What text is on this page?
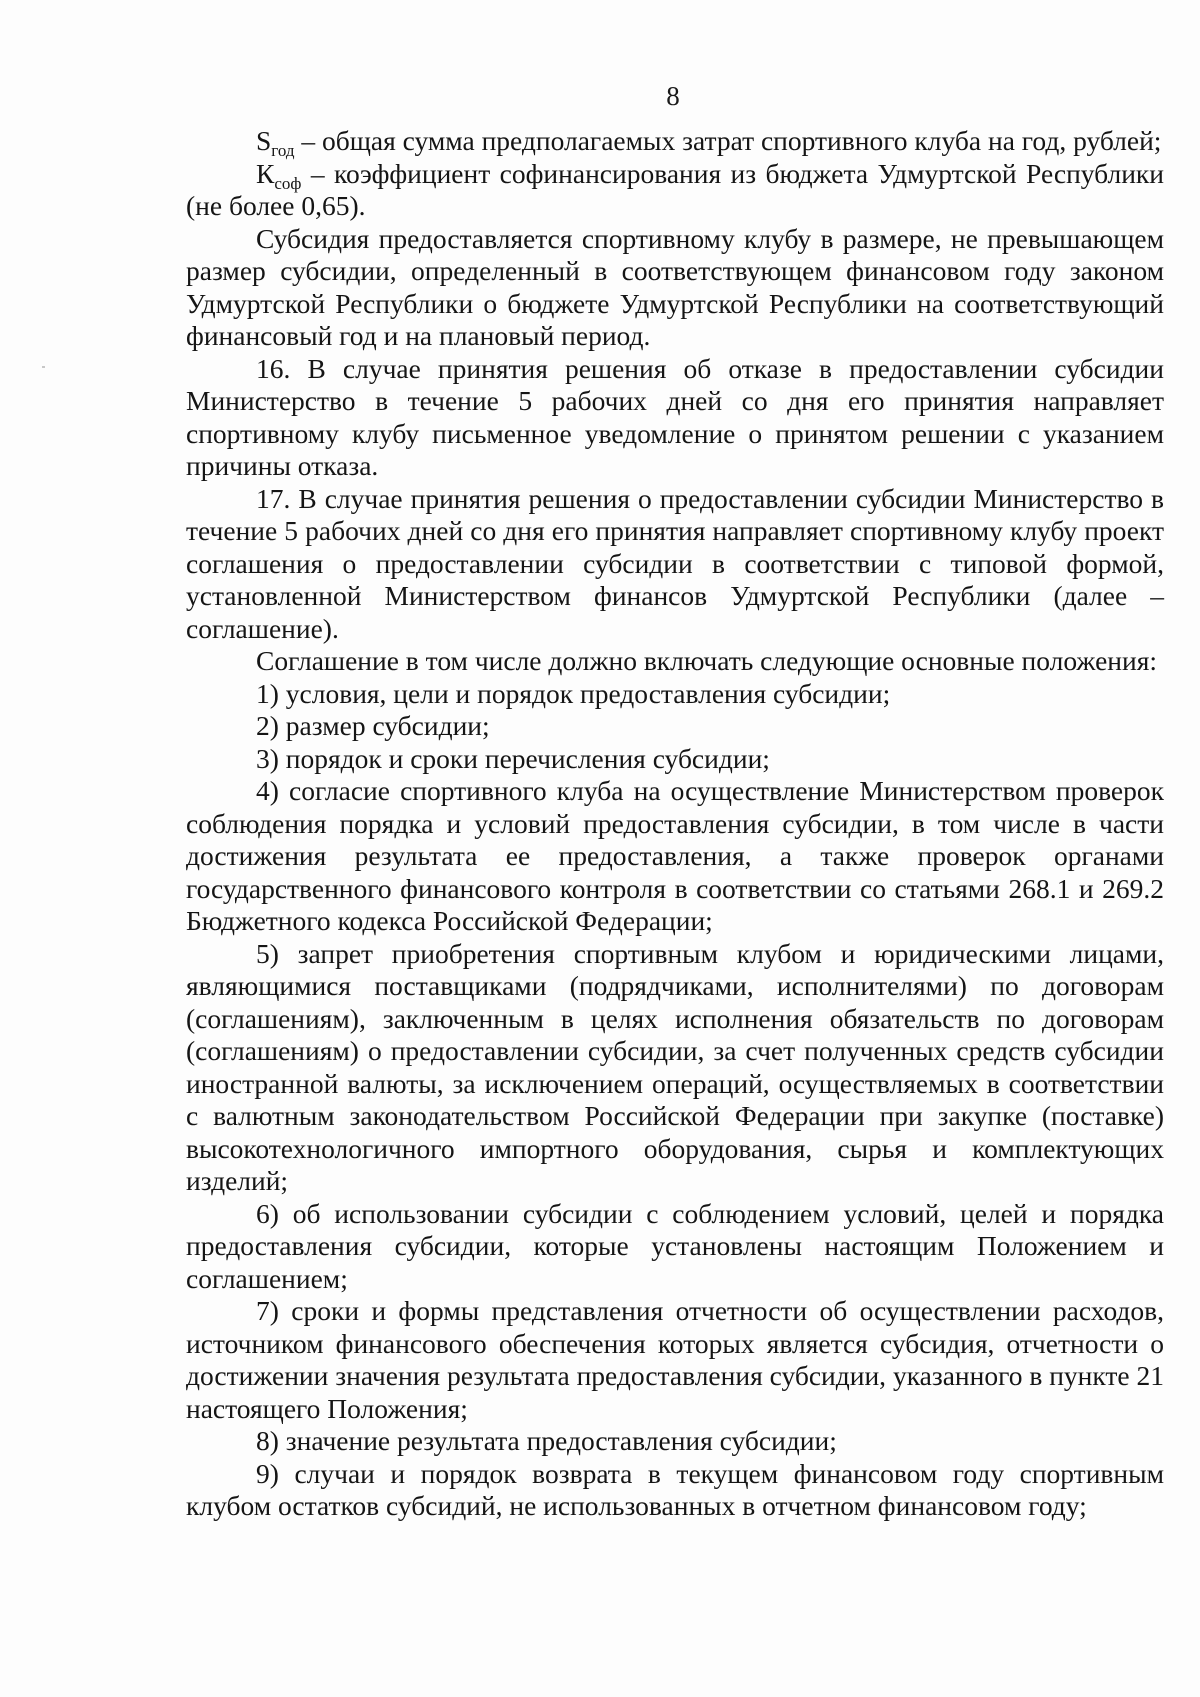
8

$S_{год}$ – общая сумма предполагаемых затрат спортивного клуба на год, рублей;

$К_{соф}$ – коэффициент софинансирования из бюджета Удмуртской Республики (не более 0,65).

Субсидия предоставляется спортивному клубу в размере, не превышающем размер субсидии, определенный в соответствующем финансовом году законом Удмуртской Республики о бюджете Удмуртской Республики на соответствующий финансовый год и на плановый период.

16. В случае принятия решения об отказе в предоставлении субсидии Министерство в течение 5 рабочих дней со дня его принятия направляет спортивному клубу письменное уведомление о принятом решении с указанием причины отказа.

17. В случае принятия решения о предоставлении субсидии Министерство в течение 5 рабочих дней со дня его принятия направляет спортивному клубу проект соглашения о предоставлении субсидии в соответствии с типовой формой, установленной Министерством финансов Удмуртской Республики (далее – соглашение).

Соглашение в том числе должно включать следующие основные положения:

1) условия, цели и порядок предоставления субсидии;

2) размер субсидии;

3) порядок и сроки перечисления субсидии;

4) согласие спортивного клуба на осуществление Министерством проверок соблюдения порядка и условий предоставления субсидии, в том числе в части достижения результата ее предоставления, а также проверок органами государственного финансового контроля в соответствии со статьями 268.1 и 269.2 Бюджетного кодекса Российской Федерации;

5) запрет приобретения спортивным клубом и юридическими лицами, являющимися поставщиками (подрядчиками, исполнителями) по договорам (соглашениям), заключенным в целях исполнения обязательств по договорам (соглашениям) о предоставлении субсидии, за счет полученных средств субсидии иностранной валюты, за исключением операций, осуществляемых в соответствии с валютным законодательством Российской Федерации при закупке (поставке) высокотехнологичного импортного оборудования, сырья и комплектующих изделий;

6) об использовании субсидии с соблюдением условий, целей и порядка предоставления субсидии, которые установлены настоящим Положением и соглашением;

7) сроки и формы представления отчетности об осуществлении расходов, источником финансового обеспечения которых является субсидия, отчетности о достижении значения результата предоставления субсидии, указанного в пункте 21 настоящего Положения;

8) значение результата предоставления субсидии;

9) случаи и порядок возврата в текущем финансовом году спортивным клубом остатков субсидий, не использованных в отчетном финансовом году;
